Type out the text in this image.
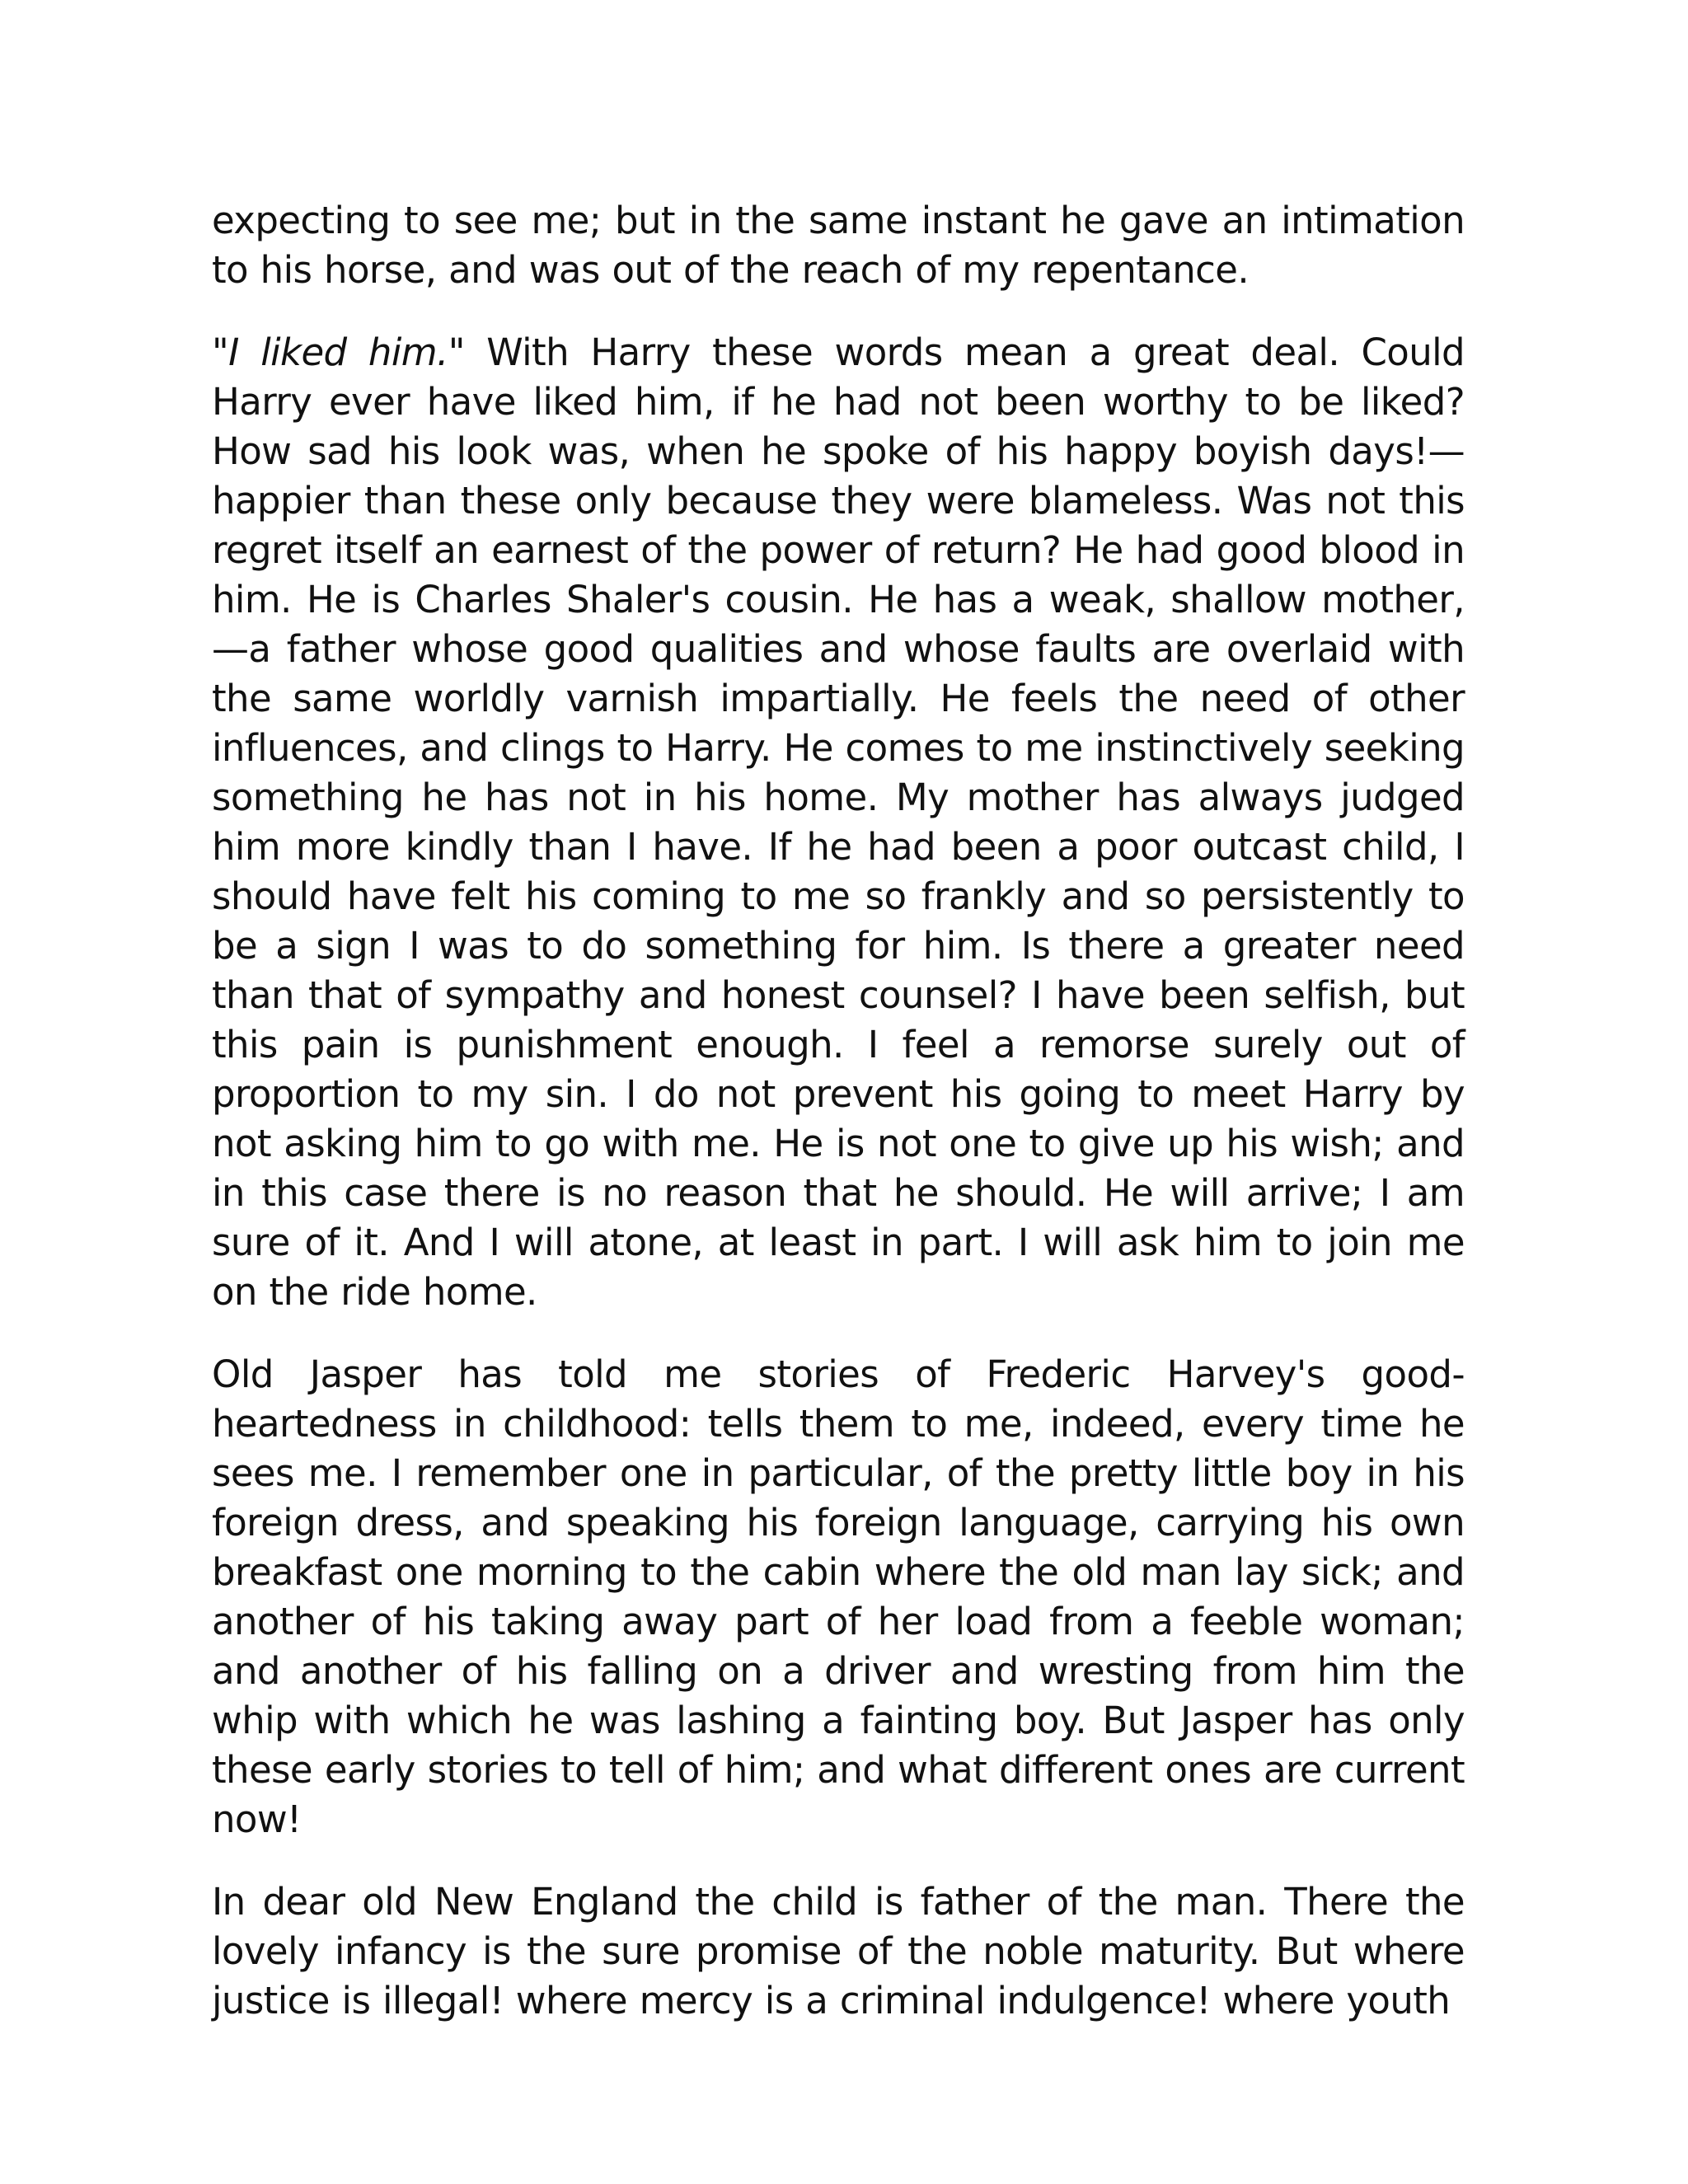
expecting to see me; but in the same instant he gave an intimation to his horse, and was out of the reach of my repentance.

"I liked him." With Harry these words mean a great deal. Could Harry ever have liked him, if he had not been worthy to be liked? How sad his look was, when he spoke of his happy boyish days!—happier than these only because they were blameless. Was not this regret itself an earnest of the power of return? He had good blood in him. He is Charles Shaler's cousin. He has a weak, shallow mother,—a father whose good qualities and whose faults are overlaid with the same worldly varnish impartially. He feels the need of other influences, and clings to Harry. He comes to me instinctively seeking something he has not in his home. My mother has always judged him more kindly than I have. If he had been a poor outcast child, I should have felt his coming to me so frankly and so persistently to be a sign I was to do something for him. Is there a greater need than that of sympathy and honest counsel? I have been selfish, but this pain is punishment enough. I feel a remorse surely out of proportion to my sin. I do not prevent his going to meet Harry by not asking him to go with me. He is not one to give up his wish; and in this case there is no reason that he should. He will arrive; I am sure of it. And I will atone, at least in part. I will ask him to join me on the ride home.

Old Jasper has told me stories of Frederic Harvey's good-heartedness in childhood: tells them to me, indeed, every time he sees me. I remember one in particular, of the pretty little boy in his foreign dress, and speaking his foreign language, carrying his own breakfast one morning to the cabin where the old man lay sick; and another of his taking away part of her load from a feeble woman; and another of his falling on a driver and wresting from him the whip with which he was lashing a fainting boy. But Jasper has only these early stories to tell of him; and what different ones are current now!

In dear old New England the child is father of the man. There the lovely infancy is the sure promise of the noble maturity. But where justice is illegal! where mercy is a criminal indulgence! where youth
